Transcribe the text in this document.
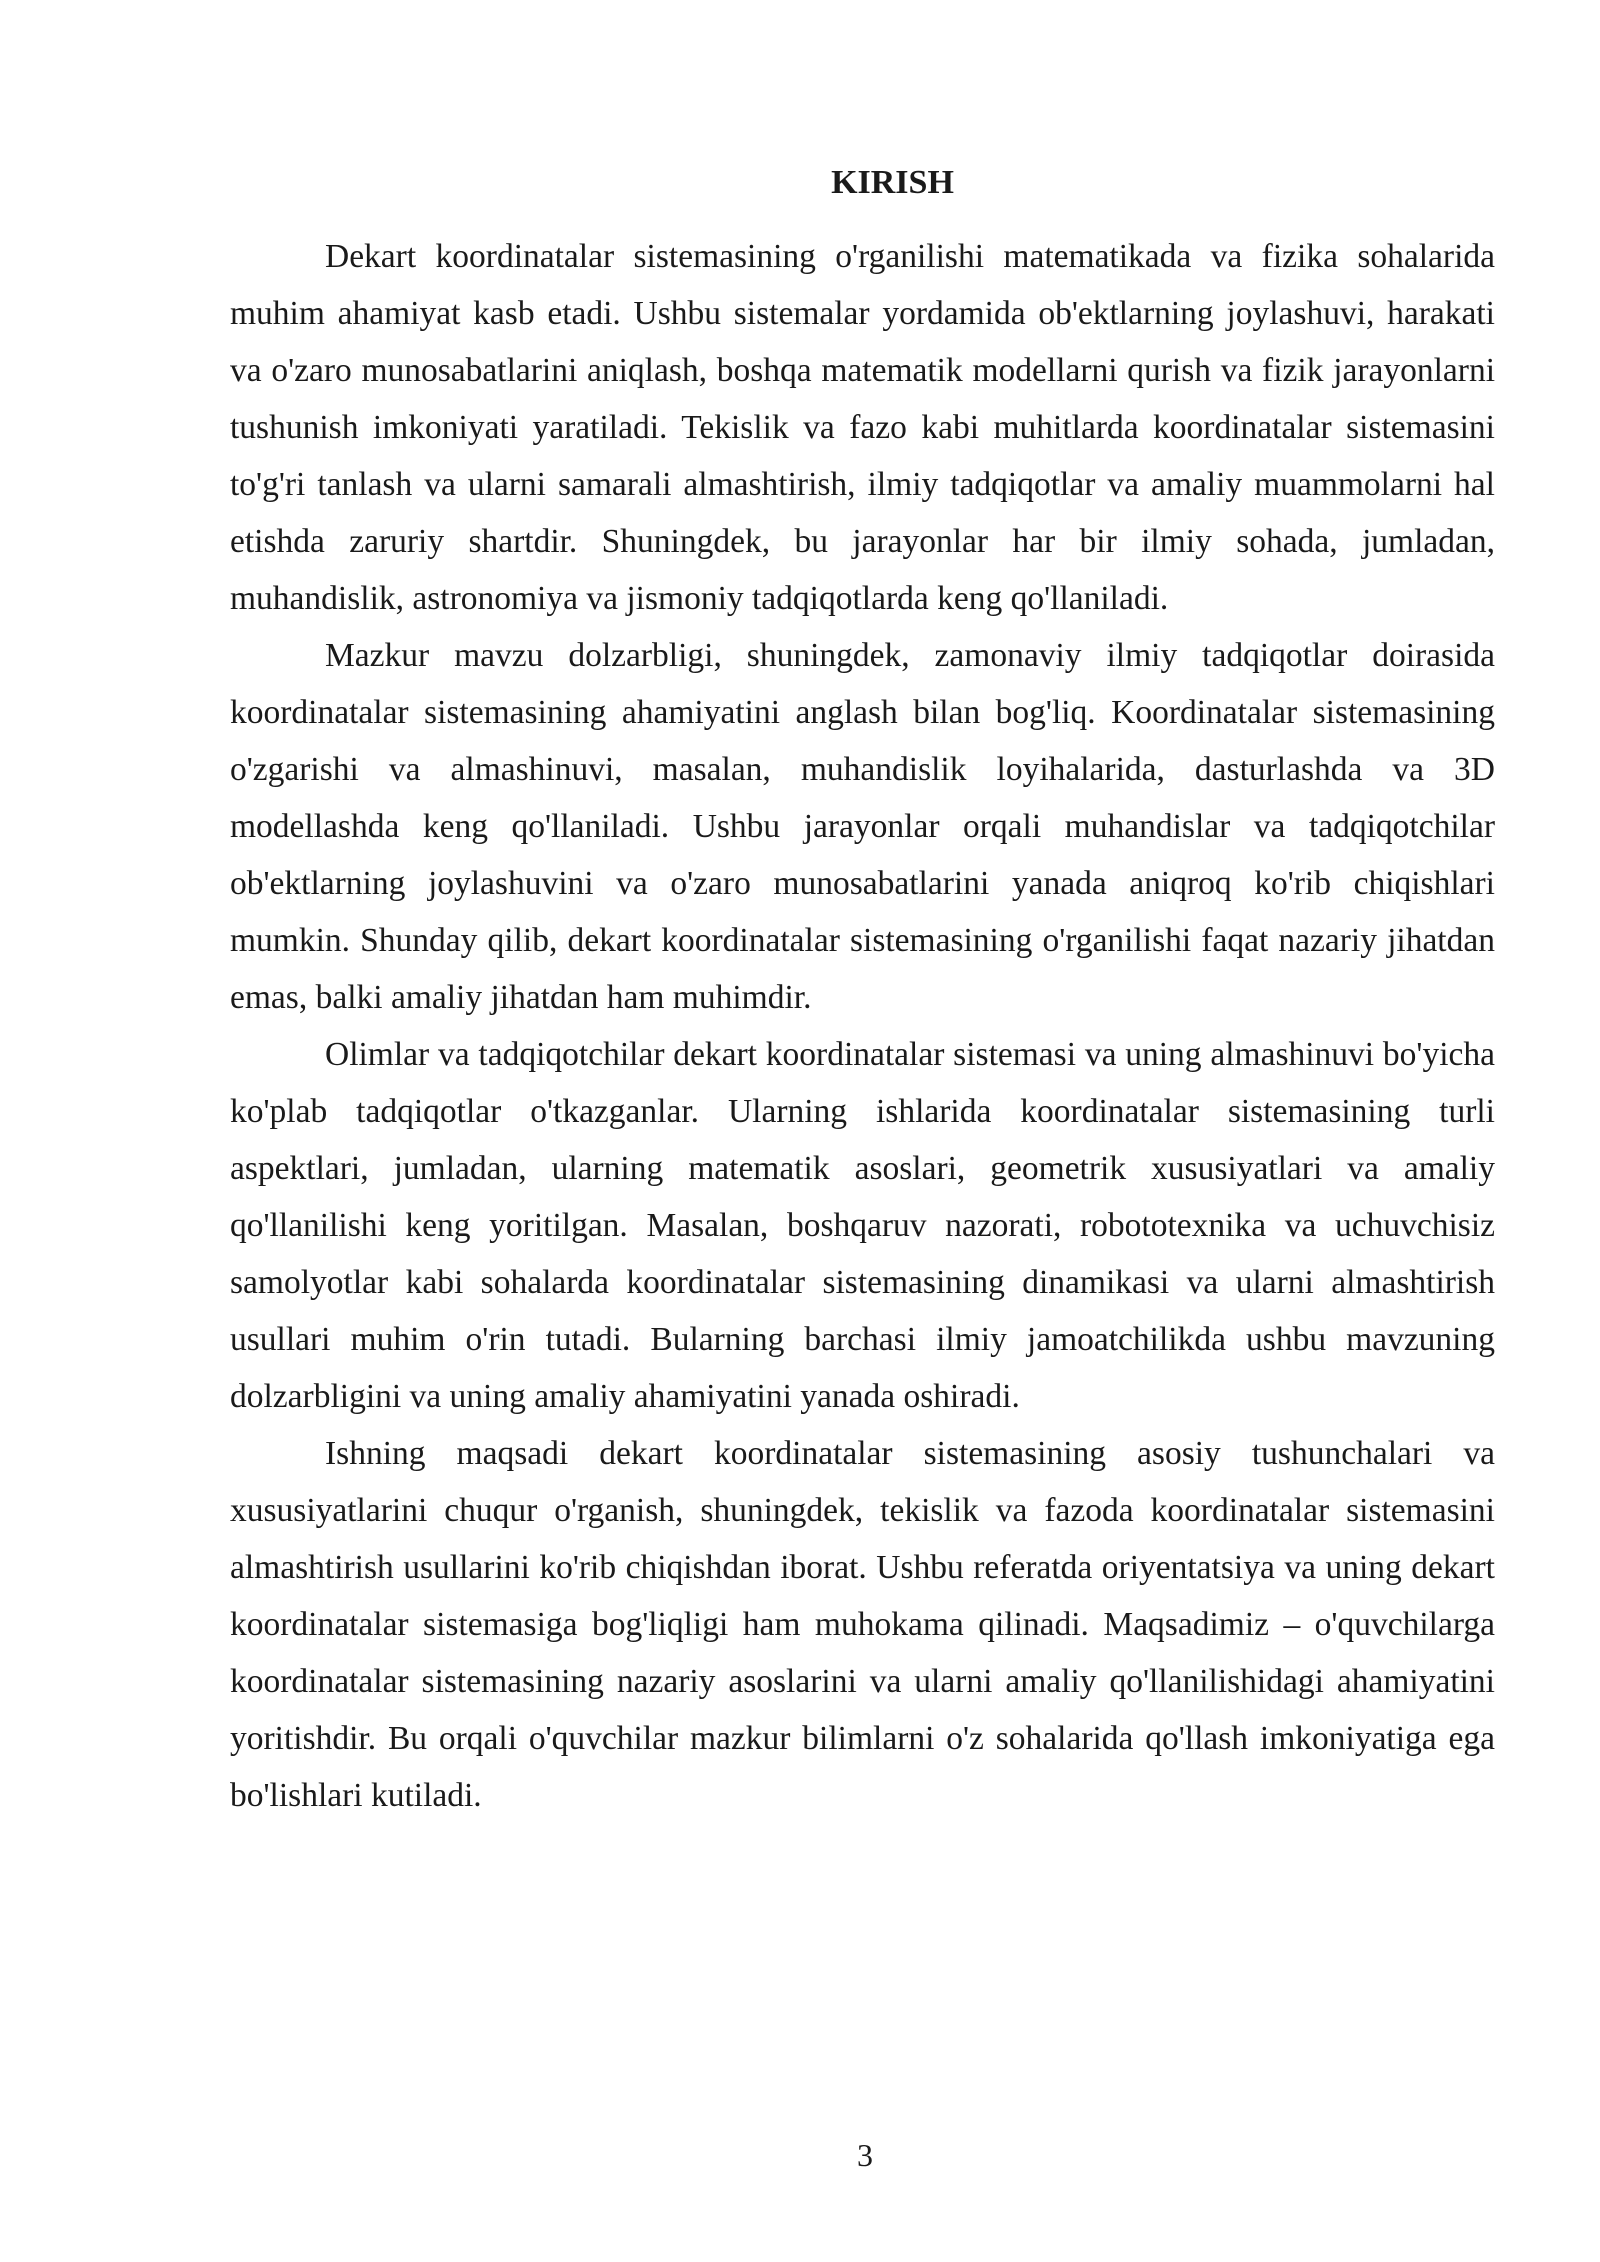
KIRISH

Dekart koordinatalar sistemasining o'rganilishi matematikada va fizika sohalarida muhim ahamiyat kasb etadi. Ushbu sistemalar yordamida ob'ektlarning joylashuvi, harakati va o'zaro munosabatlarini aniqlash, boshqa matematik modellarni qurish va fizik jarayonlarni tushunish imkoniyati yaratiladi. Tekislik va fazo kabi muhitlarda koordinatalar sistemasini to'g'ri tanlash va ularni samarali almashtirish, ilmiy tadqiqotlar va amaliy muammolarni hal etishda zaruriy shartdir. Shuningdek, bu jarayonlar har bir ilmiy sohada, jumladan, muhandislik, astronomiya va jismoniy tadqiqotlarda keng qo'llaniladi.

Mazkur mavzu dolzarbligi, shuningdek, zamonaviy ilmiy tadqiqotlar doirasida koordinatalar sistemasining ahamiyatini anglash bilan bog'liq. Koordinatalar sistemasining o'zgarishi va almashinuvi, masalan, muhandislik loyihalarida, dasturlashda va 3D modellashda keng qo'llaniladi. Ushbu jarayonlar orqali muhandislar va tadqiqotchilar ob'ektlarning joylashuvini va o'zaro munosabatlarini yanada aniqroq ko'rib chiqishlari mumkin. Shunday qilib, dekart koordinatalar sistemasining o'rganilishi faqat nazariy jihatdan emas, balki amaliy jihatdan ham muhimdir.

Olimlar va tadqiqotchilar dekart koordinatalar sistemasi va uning almashinuvi bo'yicha ko'plab tadqiqotlar o'tkazganlar. Ularning ishlarida koordinatalar sistemasining turli aspektlari, jumladan, ularning matematik asoslari, geometrik xususiyatlari va amaliy qo'llanilishi keng yoritilgan. Masalan, boshqaruv nazorati, robototexnika va uchuvchisiz samolyotlar kabi sohalarda koordinatalar sistemasining dinamikasi va ularni almashtirish usullari muhim o'rin tutadi. Bularning barchasi ilmiy jamoatchilikda ushbu mavzuning dolzarbligini va uning amaliy ahamiyatini yanada oshiradi.

Ishning maqsadi dekart koordinatalar sistemasining asosiy tushunchalari va xususiyatlarini chuqur o'rganish, shuningdek, tekislik va fazoda koordinatalar sistemasini almashtirish usullarini ko'rib chiqishdan iborat. Ushbu referatda oriyentatsiya va uning dekart koordinatalar sistemasiga bog'liqligi ham muhokama qilinadi. Maqsadimiz – o'quvchilarga koordinatalar sistemasining nazariy asoslarini va ularni amaliy qo'llanilishidagi ahamiyatini yoritishdir. Bu orqali o'quvchilar mazkur bilimlarni o'z sohalarida qo'llash imkoniyatiga ega bo'lishlari kutiladi.

3
